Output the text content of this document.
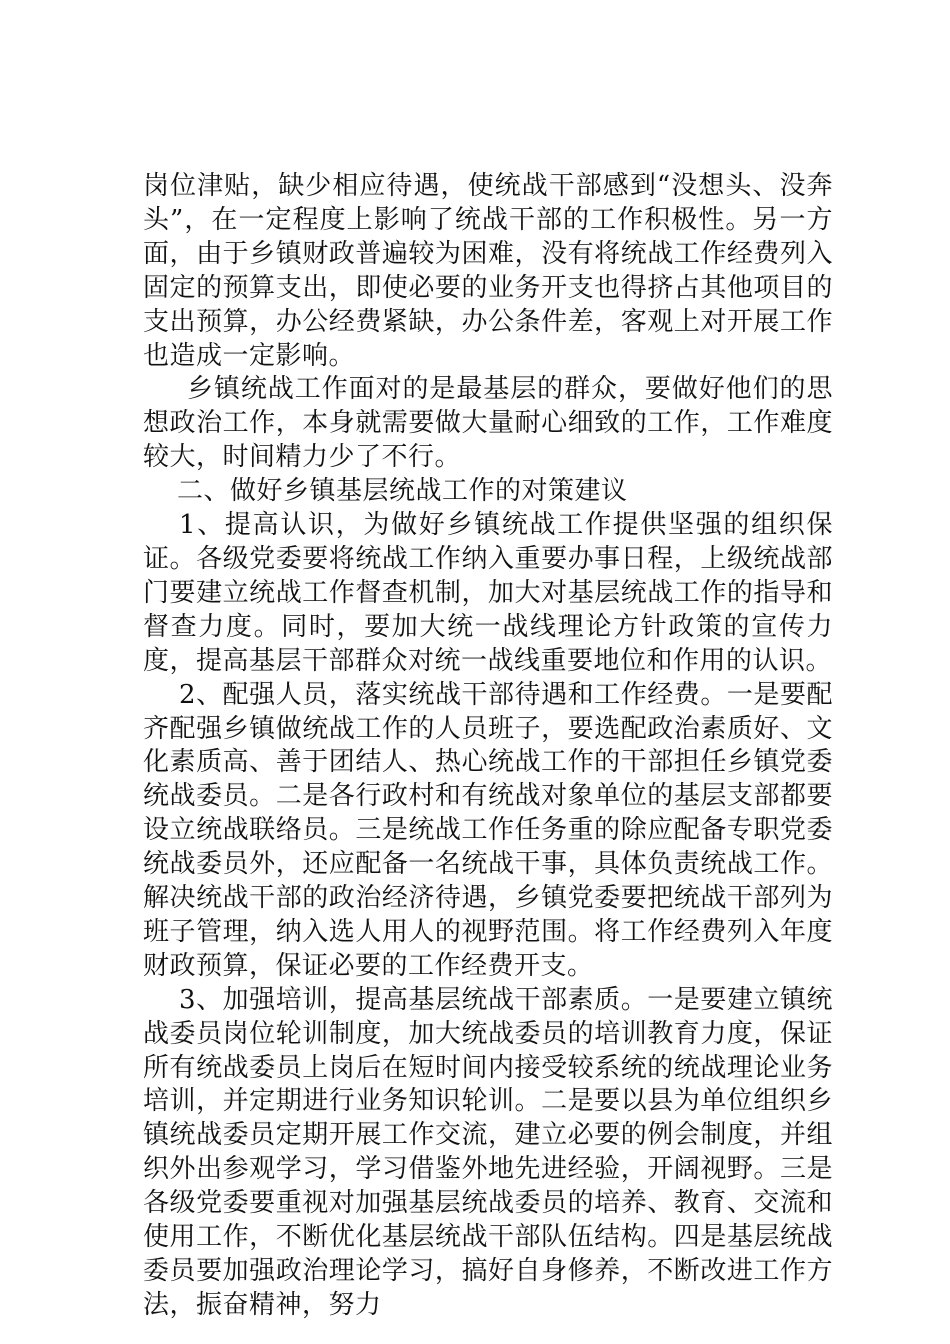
岗位津贴，缺少相应待遇，使统战干部感到“没想头、没奔头”，在一定程度上影响了统战干部的工作积极性。另一方面，由于乡镇财政普遍较为困难，没有将统战工作经费列入固定的预算支出，即使必要的业务开支也得挤占其他项目的支出预算，办公经费紧缺，办公条件差，客观上对开展工作也造成一定影响。

乡镇统战工作面对的是最基层的群众，要做好他们的思想政治工作，本身就需要做大量耐心细致的工作，工作难度较大，时间精力少了不行。

二、做好乡镇基层统战工作的对策建议

1、提高认识，为做好乡镇统战工作提供坚强的组织保证。各级党委要将统战工作纳入重要办事日程，上级统战部门要建立统战工作督查机制，加大对基层统战工作的指导和督查力度。同时，要加大统一战线理论方针政策的宣传力度，提高基层干部群众对统一战线重要地位和作用的认识。

2、配强人员，落实统战干部待遇和工作经费。一是要配齐配强乡镇做统战工作的人员班子，要选配政治素质好、文化素质高、善于团结人、热心统战工作的干部担任乡镇党委统战委员。二是各行政村和有统战对象单位的基层支部都要设立统战联络员。三是统战工作任务重的除应配备专职党委统战委员外，还应配备一名统战干事，具体负责统战工作。解决统战干部的政治经济待遇，乡镇党委要把统战干部列为班子管理，纳入选人用人的视野范围。将工作经费列入年度财政预算，保证必要的工作经费开支。

3、加强培训，提高基层统战干部素质。一是要建立镇统战委员岗位轮训制度，加大统战委员的培训教育力度，保证所有统战委员上岗后在短时间内接受较系统的统战理论业务培训，并定期进行业务知识轮训。二是要以县为单位组织乡镇统战委员定期开展工作交流，建立必要的例会制度，并组织外出参观学习，学习借鉴外地先进经验，开阔视野。三是各级党委要重视对加强基层统战委员的培养、教育、交流和使用工作，不断优化基层统战干部队伍结构。四是基层统战委员要加强政治理论学习，搞好自身修养，不断改进工作方法，振奋精神，努力
